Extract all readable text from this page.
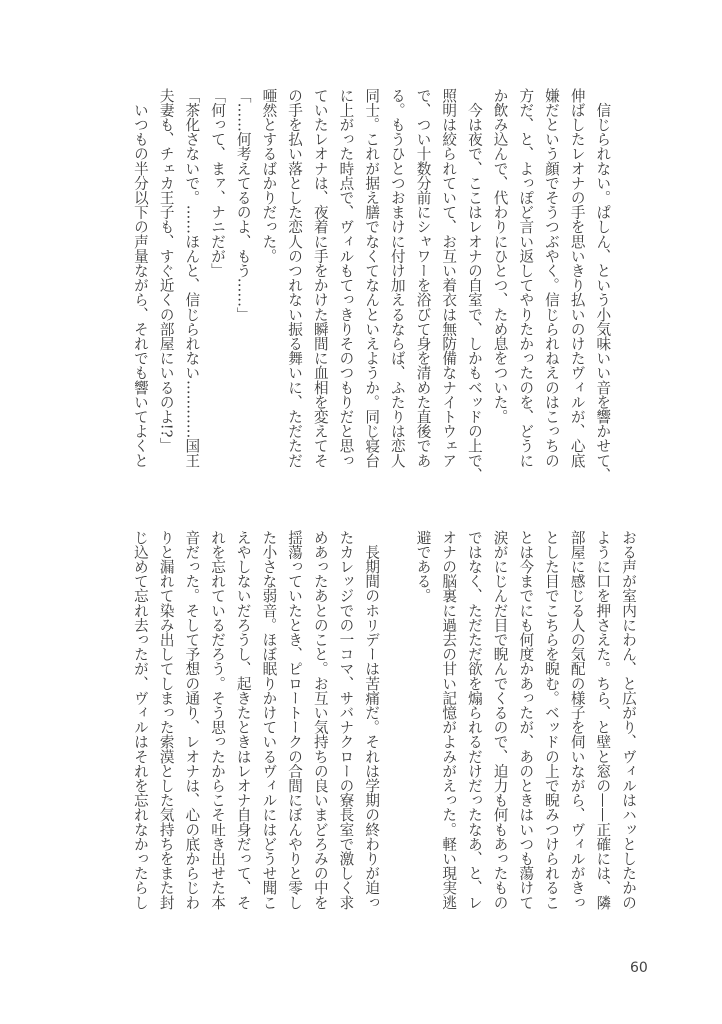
　信じられない。ぱしん、という小気味いい音を響かせて、
伸ばしたレオナの手を思いきり払いのけたヴィルが、心底
嫌だという顔でそうつぶやく。信じられねえのはこっちの
方だ、と、よっぽど言い返してやりたかったのを、どうに
か飲み込んで、代わりにひとつ、ため息をついた。
　今は夜で、ここはレオナの自室で、しかもベッドの上で、
照明は絞られていて、お互い着衣は無防備なナイトウェア
で、つい十数分前にシャワーを浴びて身を清めた直後であ
る。もうひとつおまけに付け加えるならば、ふたりは恋人
同士。これが据え膳でなくてなんといえようか。同じ寝台
に上がった時点で、ヴィルもてっきりそのつもりだと思っ
ていたレオナは、夜着に手をかけた瞬間に血相を変えてそ
の手を払い落とした恋人のつれない振る舞いに、ただただ
唖然とするばかりだった。
「……何考えてるのよ、もう……」
「何って、まァ、ナニだが」
「茶化さないで。……ほんと、信じられない…………国王
夫妻も、チェカ王子も、すぐ近くの部屋にいるのよ!?」
　いつもの半分以下の声量ながら、それでも響いてよくと
おる声が室内にわん、と広がり、ヴィルはハッとしたかの
ように口を押さえた。ちら、と壁と窓の——正確には、隣
部屋に感じる人の気配の様子を伺いながら、ヴィルがきっ
とした目でこちらを睨む。ベッドの上で睨みつけられるこ
とは今までにも何度かあったが、あのときはいつも蕩けて
涙がにじんだ目で睨んでくるので、迫力も何もあったもの
ではなく、ただただ欲を煽られるだけだったなあ、と、レ
オナの脳裏に過去の甘い記憶がよみがえった。軽い現実逃
避である。
　長期間のホリデーは苦痛だ。それは学期の終わりが迫っ
たカレッジでの一コマ、サバナクローの寮長室で激しく求
めあったあとのこと。お互い気持ちの良いまどろみの中を
揺蕩っていたとき、ピロートークの合間にぼんやりと零し
た小さな弱音。ほぼ眠りかけているヴィルにはどうせ聞こ
えやしないだろうし、起きたときはレオナ自身だって、そ
れを忘れているだろう。そう思ったからこそ吐き出せた本
音だった。そして予想の通り、レオナは、心の底からじわ
りと漏れて染み出してしまった索漠とした気持ちをまた封
じ込めて忘れ去ったが、ヴィルはそれを忘れなかったらし
60
